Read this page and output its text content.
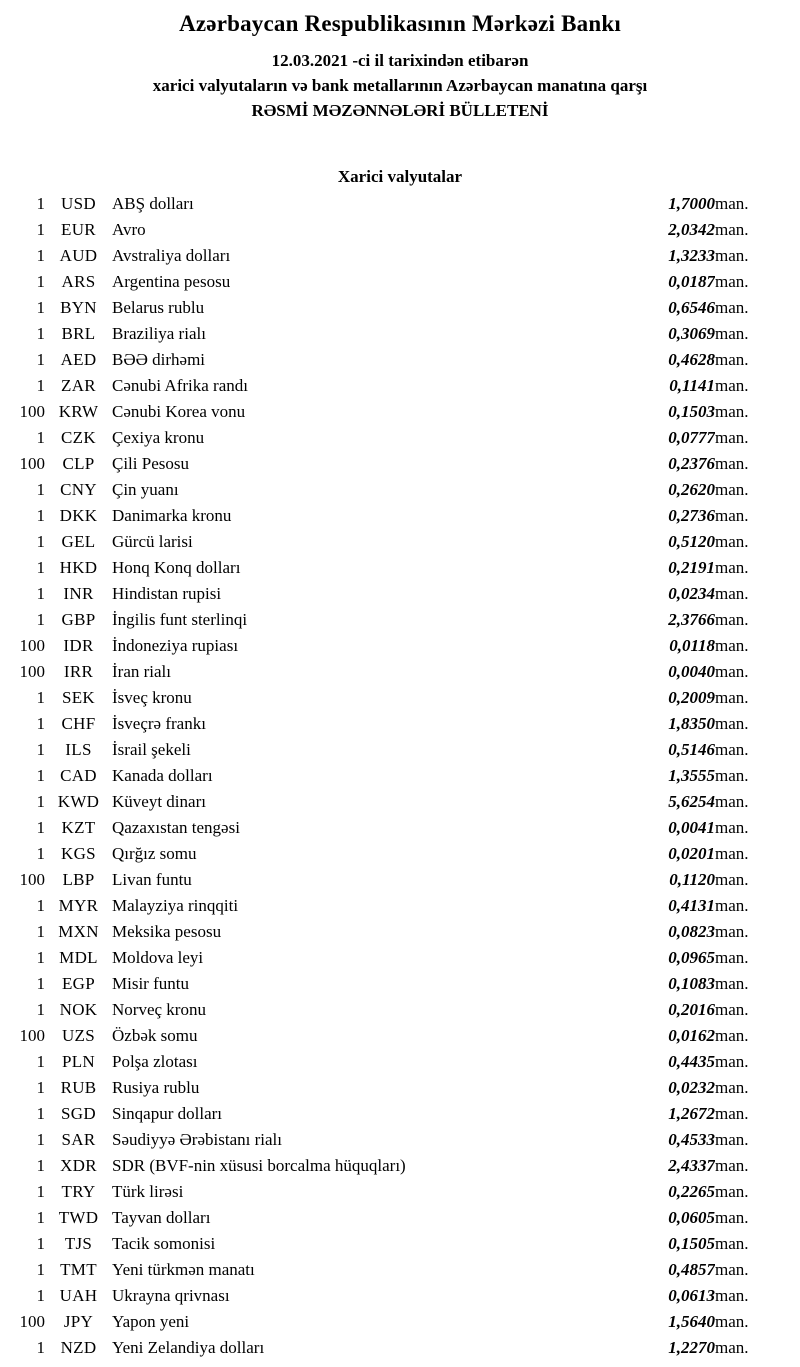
Azərbaycan Respublikasının Mərkəzi Bankı
12.03.2021 -ci il tarixindən etibarən
xarici valyutaların və bank metallarının Azərbaycan manatına qarşı
RƏSMİ MƏZƏNNƏLƏRİ BÜLLETENİ
Xarici valyutalar
1	USD	ABŞ dolları	1,7000	man.
1	EUR	Avro	2,0342	man.
1	AUD	Avstraliya dolları	1,3233	man.
1	ARS	Argentina pesosu	0,0187	man.
1	BYN	Belarus rublu	0,6546	man.
1	BRL	Braziliya rialı	0,3069	man.
1	AED	BƏƏ dirhəmi	0,4628	man.
1	ZAR	Cənubi Afrika randı	0,1141	man.
100	KRW	Cənubi Korea vonu	0,1503	man.
1	CZK	Çexiya kronu	0,0777	man.
100	CLP	Çili Pesosu	0,2376	man.
1	CNY	Çin yuanı	0,2620	man.
1	DKK	Danimarka kronu	0,2736	man.
1	GEL	Gürcü larisi	0,5120	man.
1	HKD	Honq Konq dolları	0,2191	man.
1	INR	Hindistan rupisi	0,0234	man.
1	GBP	İngilis funt sterlinqi	2,3766	man.
100	IDR	İndoneziya rupiası	0,0118	man.
100	IRR	İran rialı	0,0040	man.
1	SEK	İsveç kronu	0,2009	man.
1	CHF	İsveçrə frankı	1,8350	man.
1	ILS	İsrail şekeli	0,5146	man.
1	CAD	Kanada dolları	1,3555	man.
1	KWD	Küveyt dinarı	5,6254	man.
1	KZT	Qazaxıstan tengəsi	0,0041	man.
1	KGS	Qırğız somu	0,0201	man.
100	LBP	Livan funtu	0,1120	man.
1	MYR	Malayziya rinqqiti	0,4131	man.
1	MXN	Meksika pesosu	0,0823	man.
1	MDL	Moldova leyi	0,0965	man.
1	EGP	Misir funtu	0,1083	man.
1	NOK	Norveç kronu	0,2016	man.
100	UZS	Özbək somu	0,0162	man.
1	PLN	Polşa zlotası	0,4435	man.
1	RUB	Rusiya rublu	0,0232	man.
1	SGD	Sinqapur dolları	1,2672	man.
1	SAR	Səudiyyə Ərəbistanı rialı	0,4533	man.
1	XDR	SDR (BVF-nin xüsusi borcalma hüquqları)	2,4337	man.
1	TRY	Türk lirəsi	0,2265	man.
1	TWD	Tayvan dolları	0,0605	man.
1	TJS	Tacik somonisi	0,1505	man.
1	TMT	Yeni türkmən manatı	0,4857	man.
1	UAH	Ukrayna qrivnası	0,0613	man.
100	JPY	Yapon yeni	1,5640	man.
1	NZD	Yeni Zelandiya dolları	1,2270	man.
